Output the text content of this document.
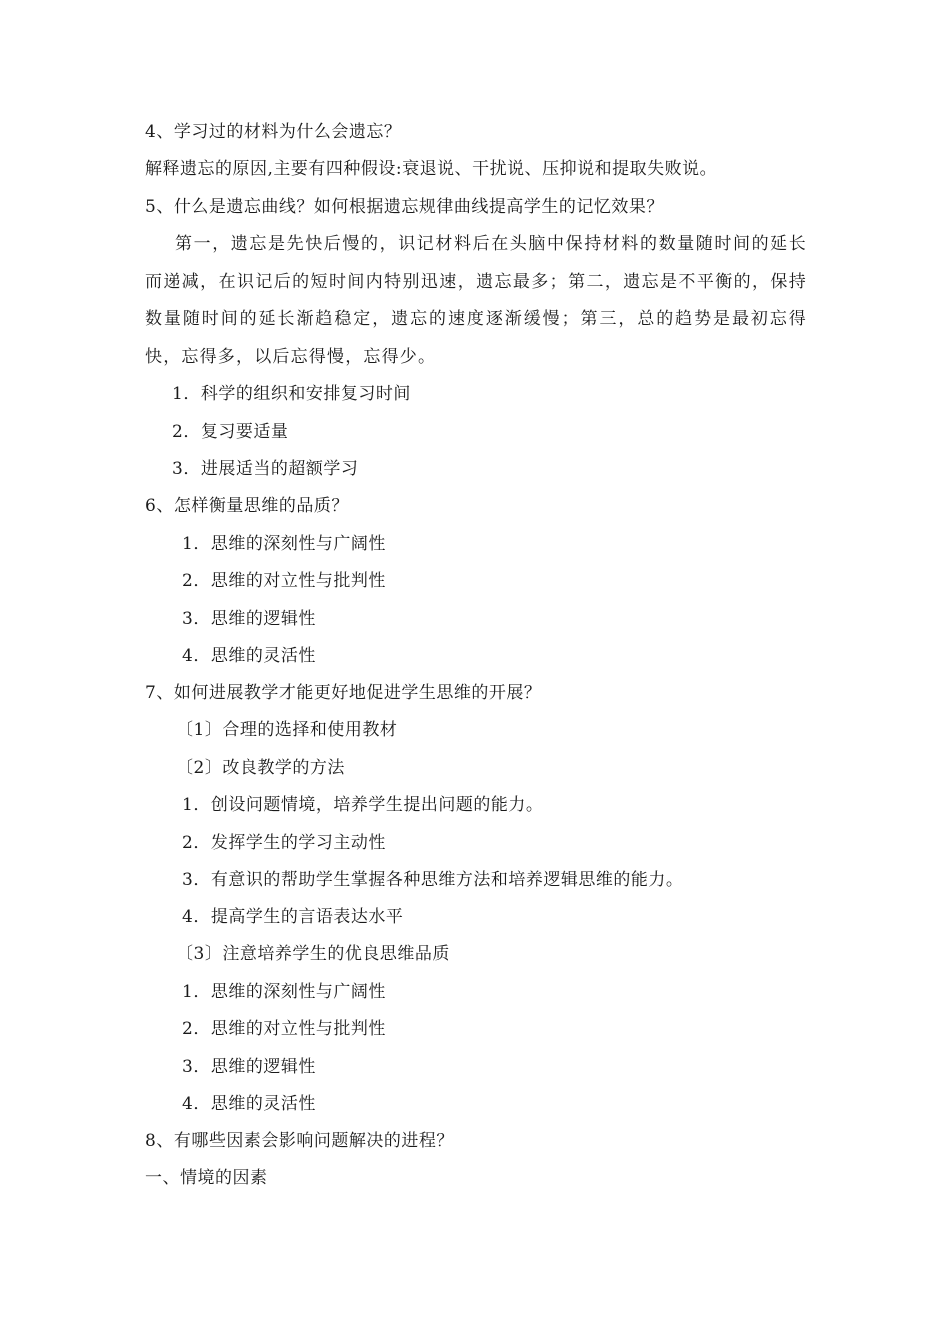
4、学习过的材料为什么会遗忘？
解释遗忘的原因,主要有四种假设:衰退说、干扰说、压抑说和提取失败说。
5、什么是遗忘曲线？如何根据遗忘规律曲线提高学生的记忆效果？
第一，遗忘是先快后慢的，识记材料后在头脑中保持材料的数量随时间的延长而递减，在识记后的短时间内特别迅速，遗忘最多；第二，遗忘是不平衡的，保持数量随时间的延长渐趋稳定，遗忘的速度逐渐缓慢；第三，总的趋势是最初忘得快，忘得多，以后忘得慢，忘得少。
1．科学的组织和安排复习时间
2．复习要适量
3．进展适当的超额学习
6、怎样衡量思维的品质？
1．思维的深刻性与广阔性
2．思维的对立性与批判性
3．思维的逻辑性
4．思维的灵活性
7、如何进展教学才能更好地促进学生思维的开展？
〔1〕合理的选择和使用教材
〔2〕改良教学的方法
1．创设问题情境，培养学生提出问题的能力。
2．发挥学生的学习主动性
3．有意识的帮助学生掌握各种思维方法和培养逻辑思维的能力。
4．提高学生的言语表达水平
〔3〕注意培养学生的优良思维品质
1．思维的深刻性与广阔性
2．思维的对立性与批判性
3．思维的逻辑性
4．思维的灵活性
8、有哪些因素会影响问题解决的进程？
一、情境的因素
